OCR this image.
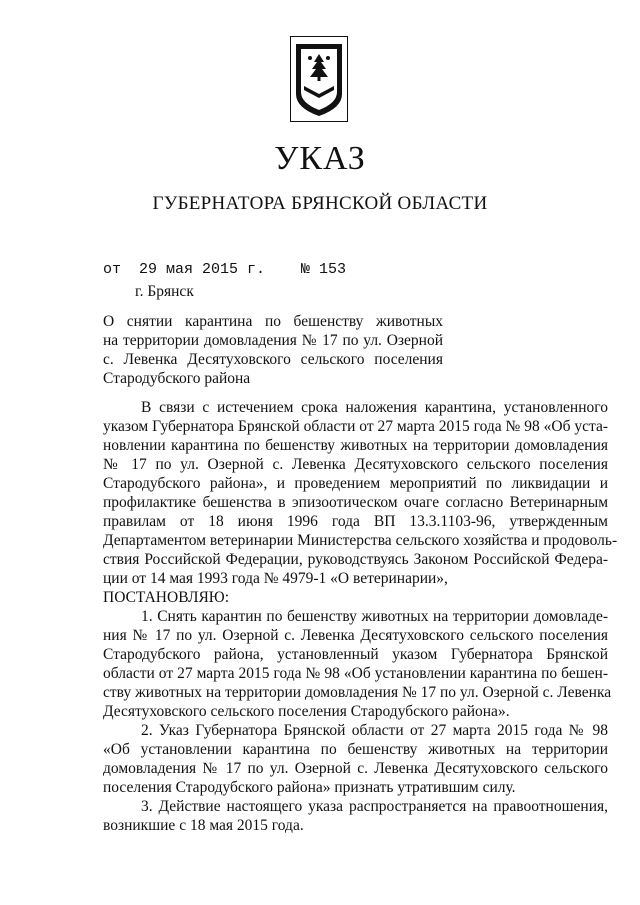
УКАЗ
ГУБЕРНАТОРА БРЯНСКОЙ ОБЛАСТИ
от  29 мая 2015 г.    № 153
г. Брянск
О снятии карантина по бешенству животных
на территории домовладения № 17 по ул. Озерной
с. Левенка Десятуховского сельского поселения
Стародубского района
В связи с истечением срока наложения карантина, установленного
указом Губернатора Брянской области от 27 марта 2015 года № 98 «Об уста-
новлении карантина по бешенству животных на территории домовладения
№ 17 по ул. Озерной с. Левенка Десятуховского сельского поселения
Стародубского района», и проведением мероприятий по ликвидации и
профилактике бешенства в эпизоотическом очаге согласно Ветеринарным
правилам от 18 июня 1996 года ВП 13.3.1103-96, утвержденным
Департаментом ветеринарии Министерства сельского хозяйства и продоволь-
ствия Российской Федерации, руководствуясь Законом Российской Федера-
ции от 14 мая 1993 года № 4979-1 «О ветеринарии»,
ПОСТАНОВЛЯЮ:
1. Снять карантин по бешенству животных на территории домовладе-
ния № 17 по ул. Озерной с. Левенка Десятуховского сельского поселения
Стародубского района, установленный указом Губернатора Брянской
области от 27 марта 2015 года № 98 «Об установлении карантина по бешен-
ству животных на территории домовладения № 17 по ул. Озерной с. Левенка
Десятуховского сельского поселения Стародубского района».
2. Указ Губернатора Брянской области от 27 марта 2015 года № 98
«Об установлении карантина по бешенству животных на территории
домовладения № 17 по ул. Озерной с. Левенка Десятуховского сельского
поселения Стародубского района» признать утратившим силу.
3. Действие настоящего указа распространяется на правоотношения,
возникшие с 18 мая 2015 года.
